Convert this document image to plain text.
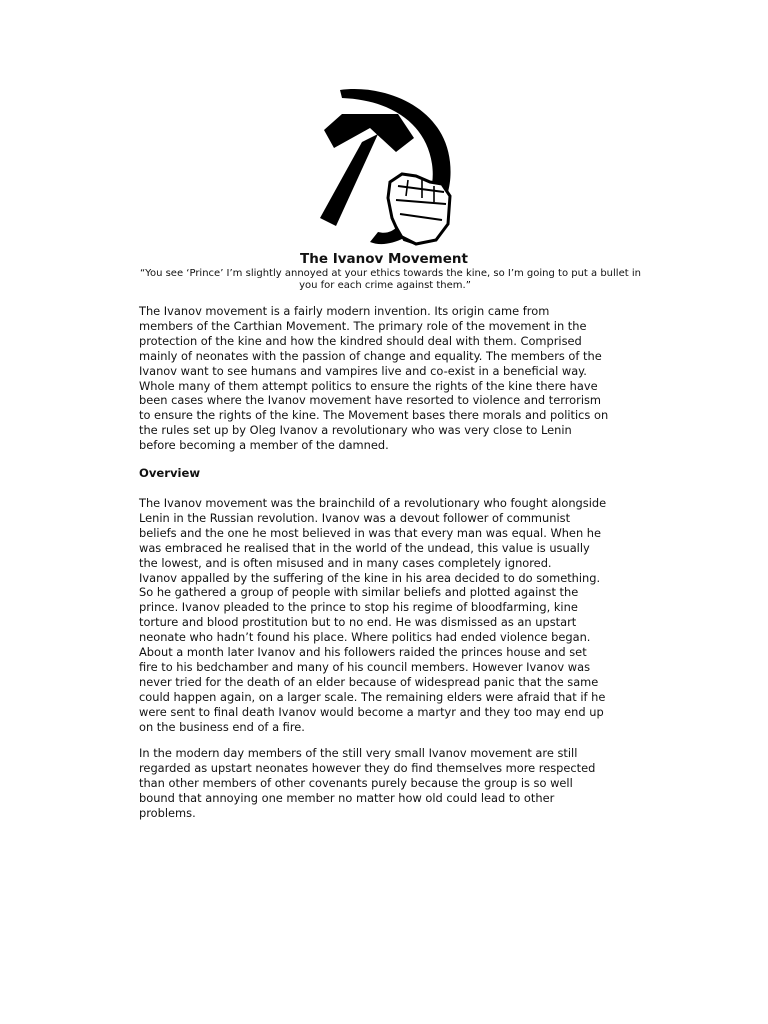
The Ivanov Movement

“You see ‘Prince’ I’m slightly annoyed at your ethics towards the kine, so I’m going to put a bullet in
you for each crime against them.”

The Ivanov movement is a fairly modern invention. Its origin came from
members of the Carthian Movement. The primary role of the movement in the
protection of the kine and how the kindred should deal with them. Comprised
mainly of neonates with the passion of change and equality. The members of the
Ivanov want to see humans and vampires live and co-exist in a beneficial way.
Whole many of them attempt politics to ensure the rights of the kine there have
been cases where the Ivanov movement have resorted to violence and terrorism
to ensure the rights of the kine. The Movement bases there morals and politics on
the rules set up by Oleg Ivanov a revolutionary who was very close to Lenin
before becoming a member of the damned.

Overview

The Ivanov movement was the brainchild of a revolutionary who fought alongside
Lenin in the Russian revolution. Ivanov was a devout follower of communist
beliefs and the one he most believed in was that every man was equal. When he
was embraced he realised that in the world of the undead, this value is usually
the lowest, and is often misused and in many cases completely ignored.
Ivanov appalled by the suffering of the kine in his area decided to do something.
So he gathered a group of people with similar beliefs and plotted against the
prince. Ivanov pleaded to the prince to stop his regime of bloodfarming, kine
torture and blood prostitution but to no end. He was dismissed as an upstart
neonate who hadn’t found his place. Where politics had ended violence began.
About a month later Ivanov and his followers raided the princes house and set
fire to his bedchamber and many of his council members. However Ivanov was
never tried for the death of an elder because of widespread panic that the same
could happen again, on a larger scale. The remaining elders were afraid that if he
were sent to final death Ivanov would become a martyr and they too may end up
on the business end of a fire.

In the modern day members of the still very small Ivanov movement are still
regarded as upstart neonates however they do find themselves more respected
than other members of other covenants purely because the group is so well
bound that annoying one member no matter how old could lead to other
problems.
